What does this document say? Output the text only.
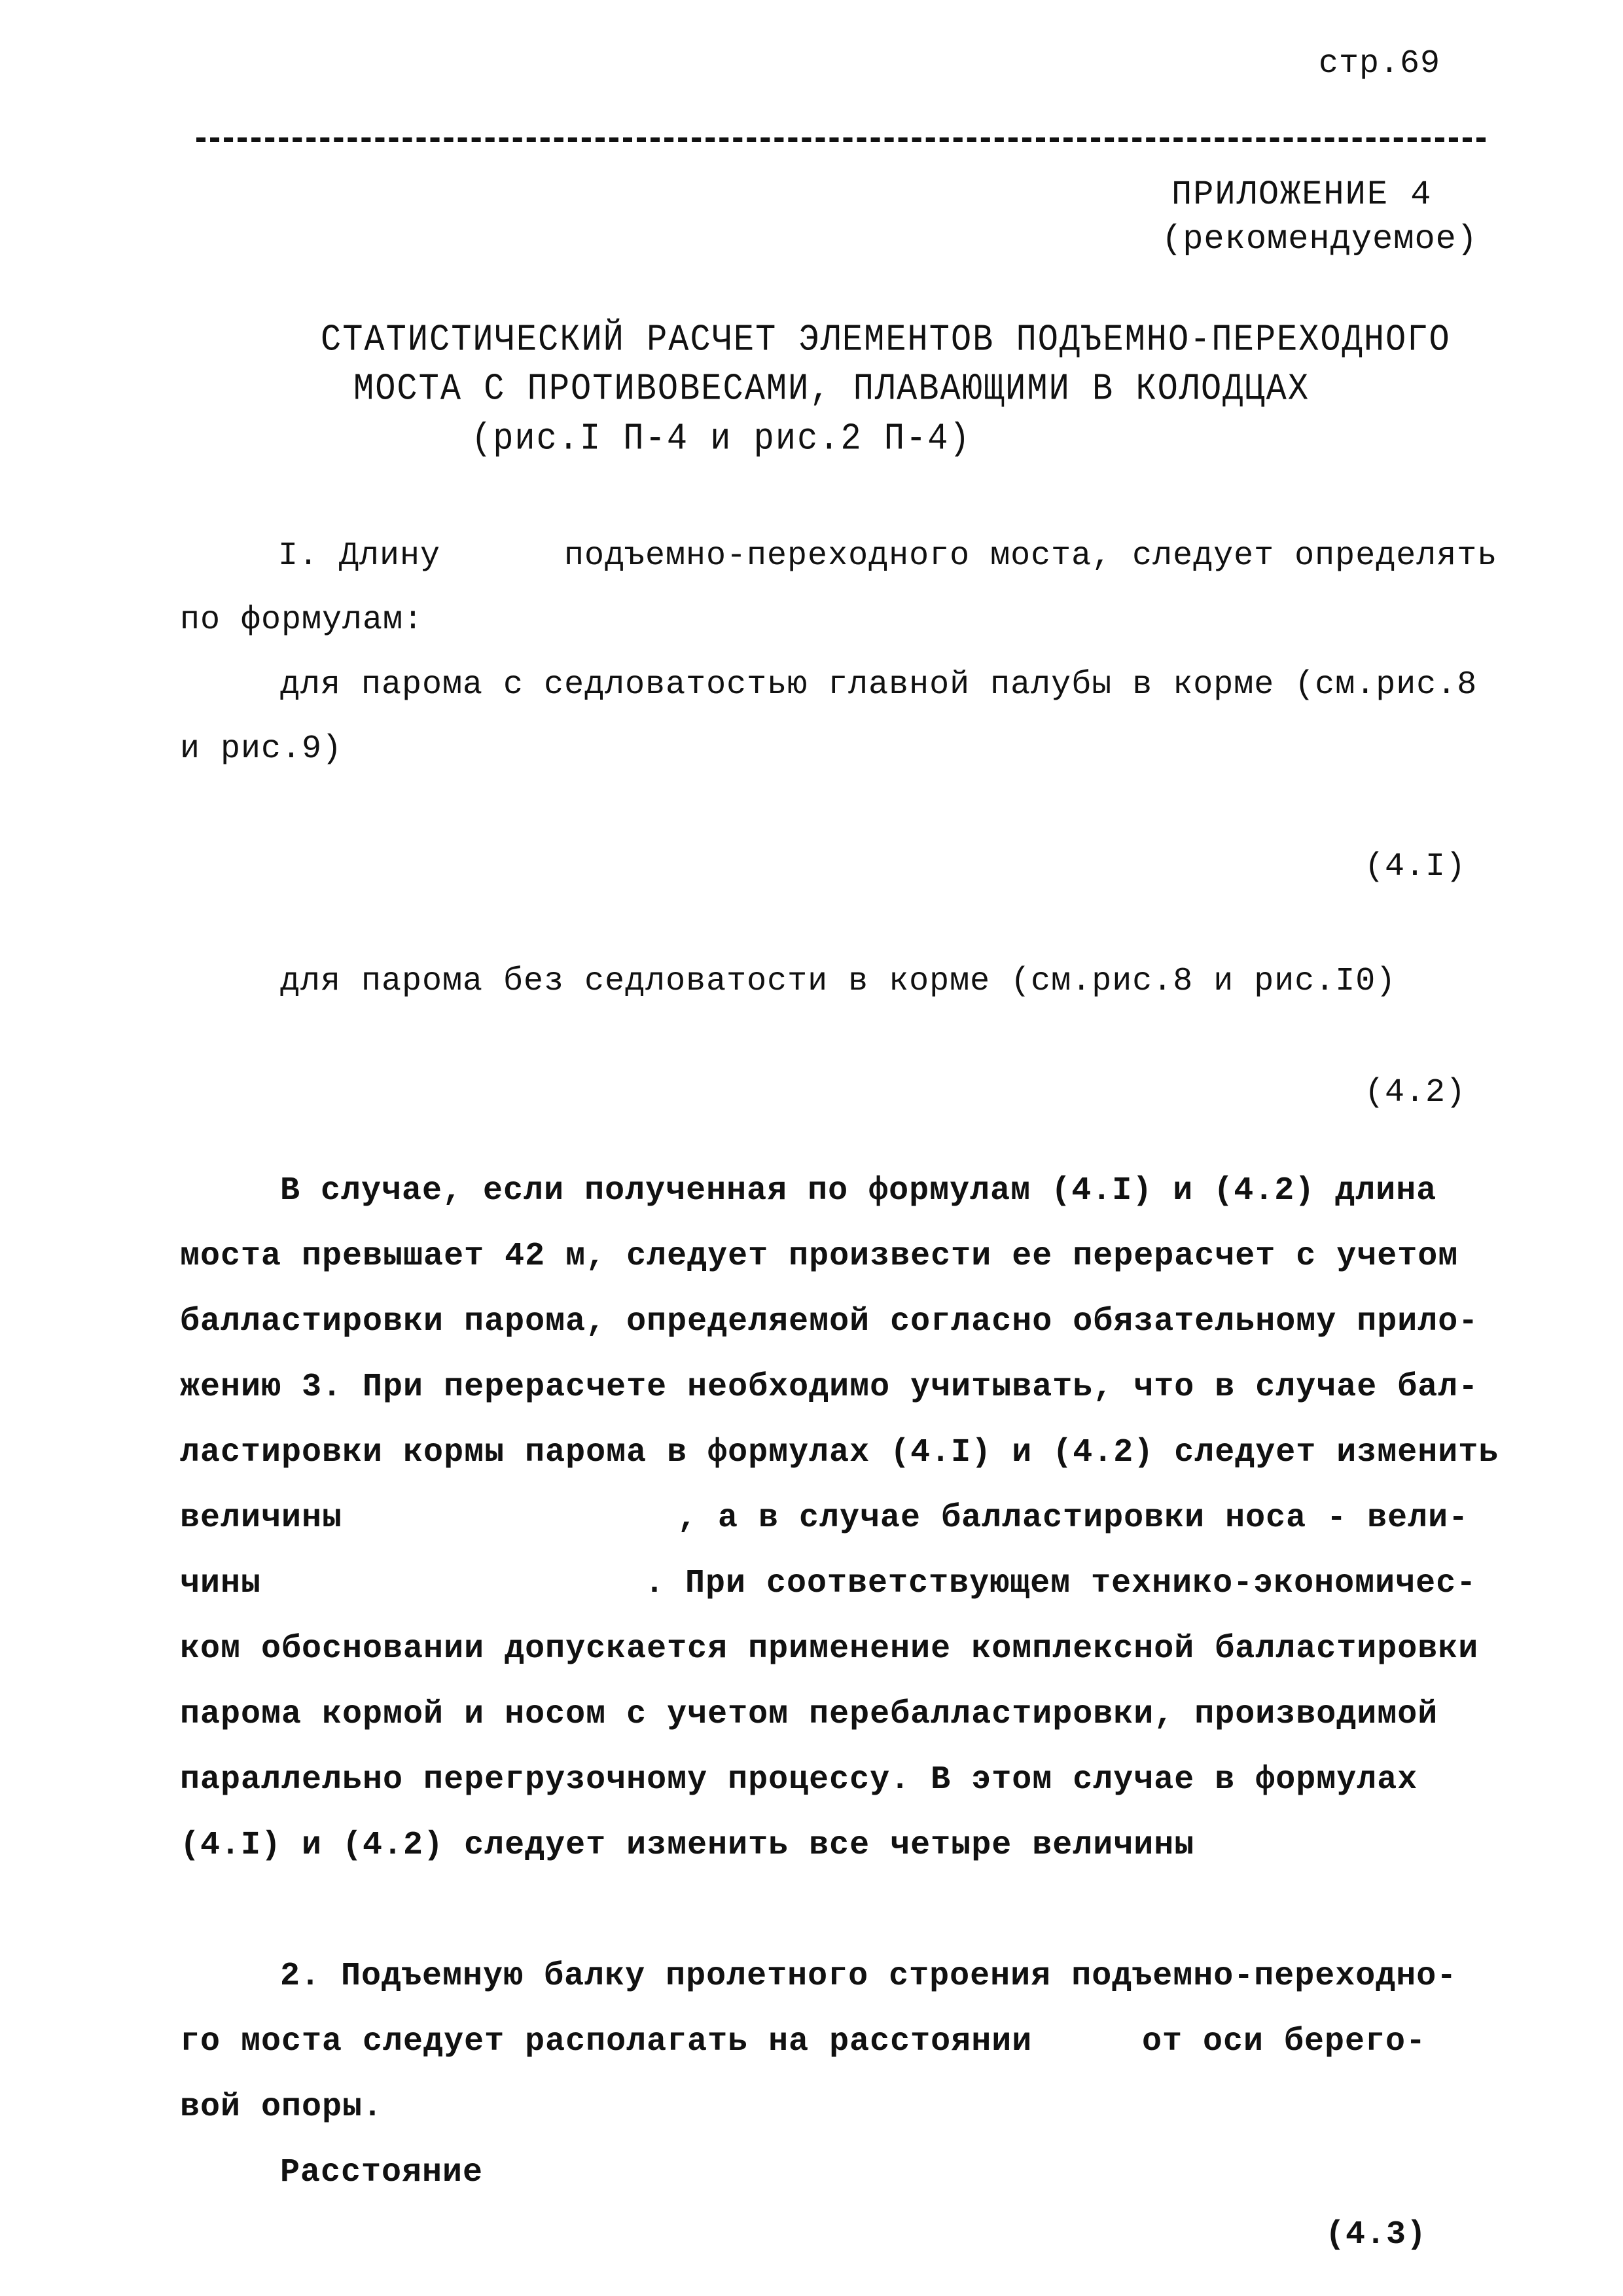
стр.69
ПРИЛОЖЕНИЕ 4
(рекомендуемое)
СТАТИСТИЧЕСКИЙ РАСЧЕТ ЭЛЕМЕНТОВ ПОДЪЕМНО-ПЕРЕХОДНОГО
МОСТА С ПРОТИВОВЕСАМИ, ПЛАВАЮЩИМИ В КОЛОДЦАХ
(рис.I П-4 и рис.2 П-4)
I. Длину	подъемно-переходного моста, следует определять
по формулам:
для парома с седловатостью главной палубы в корме (см.рис.8
и рис.9)
(4.I)
для парома без седловатости в корме (см.рис.8 и рис.I0)
(4.2)
В случае, если полученная по формулам (4.I) и (4.2) длина
моста превышает 42 м, следует произвести ее перерасчет с учетом
балластировки парома, определяемой согласно обязательному прило-
жению 3. При перерасчете необходимо учитывать, что в случае бал-
ластировки кормы парома в формулах (4.I) и (4.2) следует изменить
величины	, а в случае балластировки носа - вели-
чины	. При соответствующем технико-экономичес-
ком обосновании допускается применение комплексной балластировки
парома кормой и носом с учетом перебалластировки, производимой
параллельно перегрузочному процессу. В этом случае в формулах
(4.I) и (4.2) следует изменить все четыре величины
2. Подъемную балку пролетного строения подъемно-переходно-
го моста следует располагать на расстоянии	от оси берего-
вой опоры.
Расстояние
(4.3)
